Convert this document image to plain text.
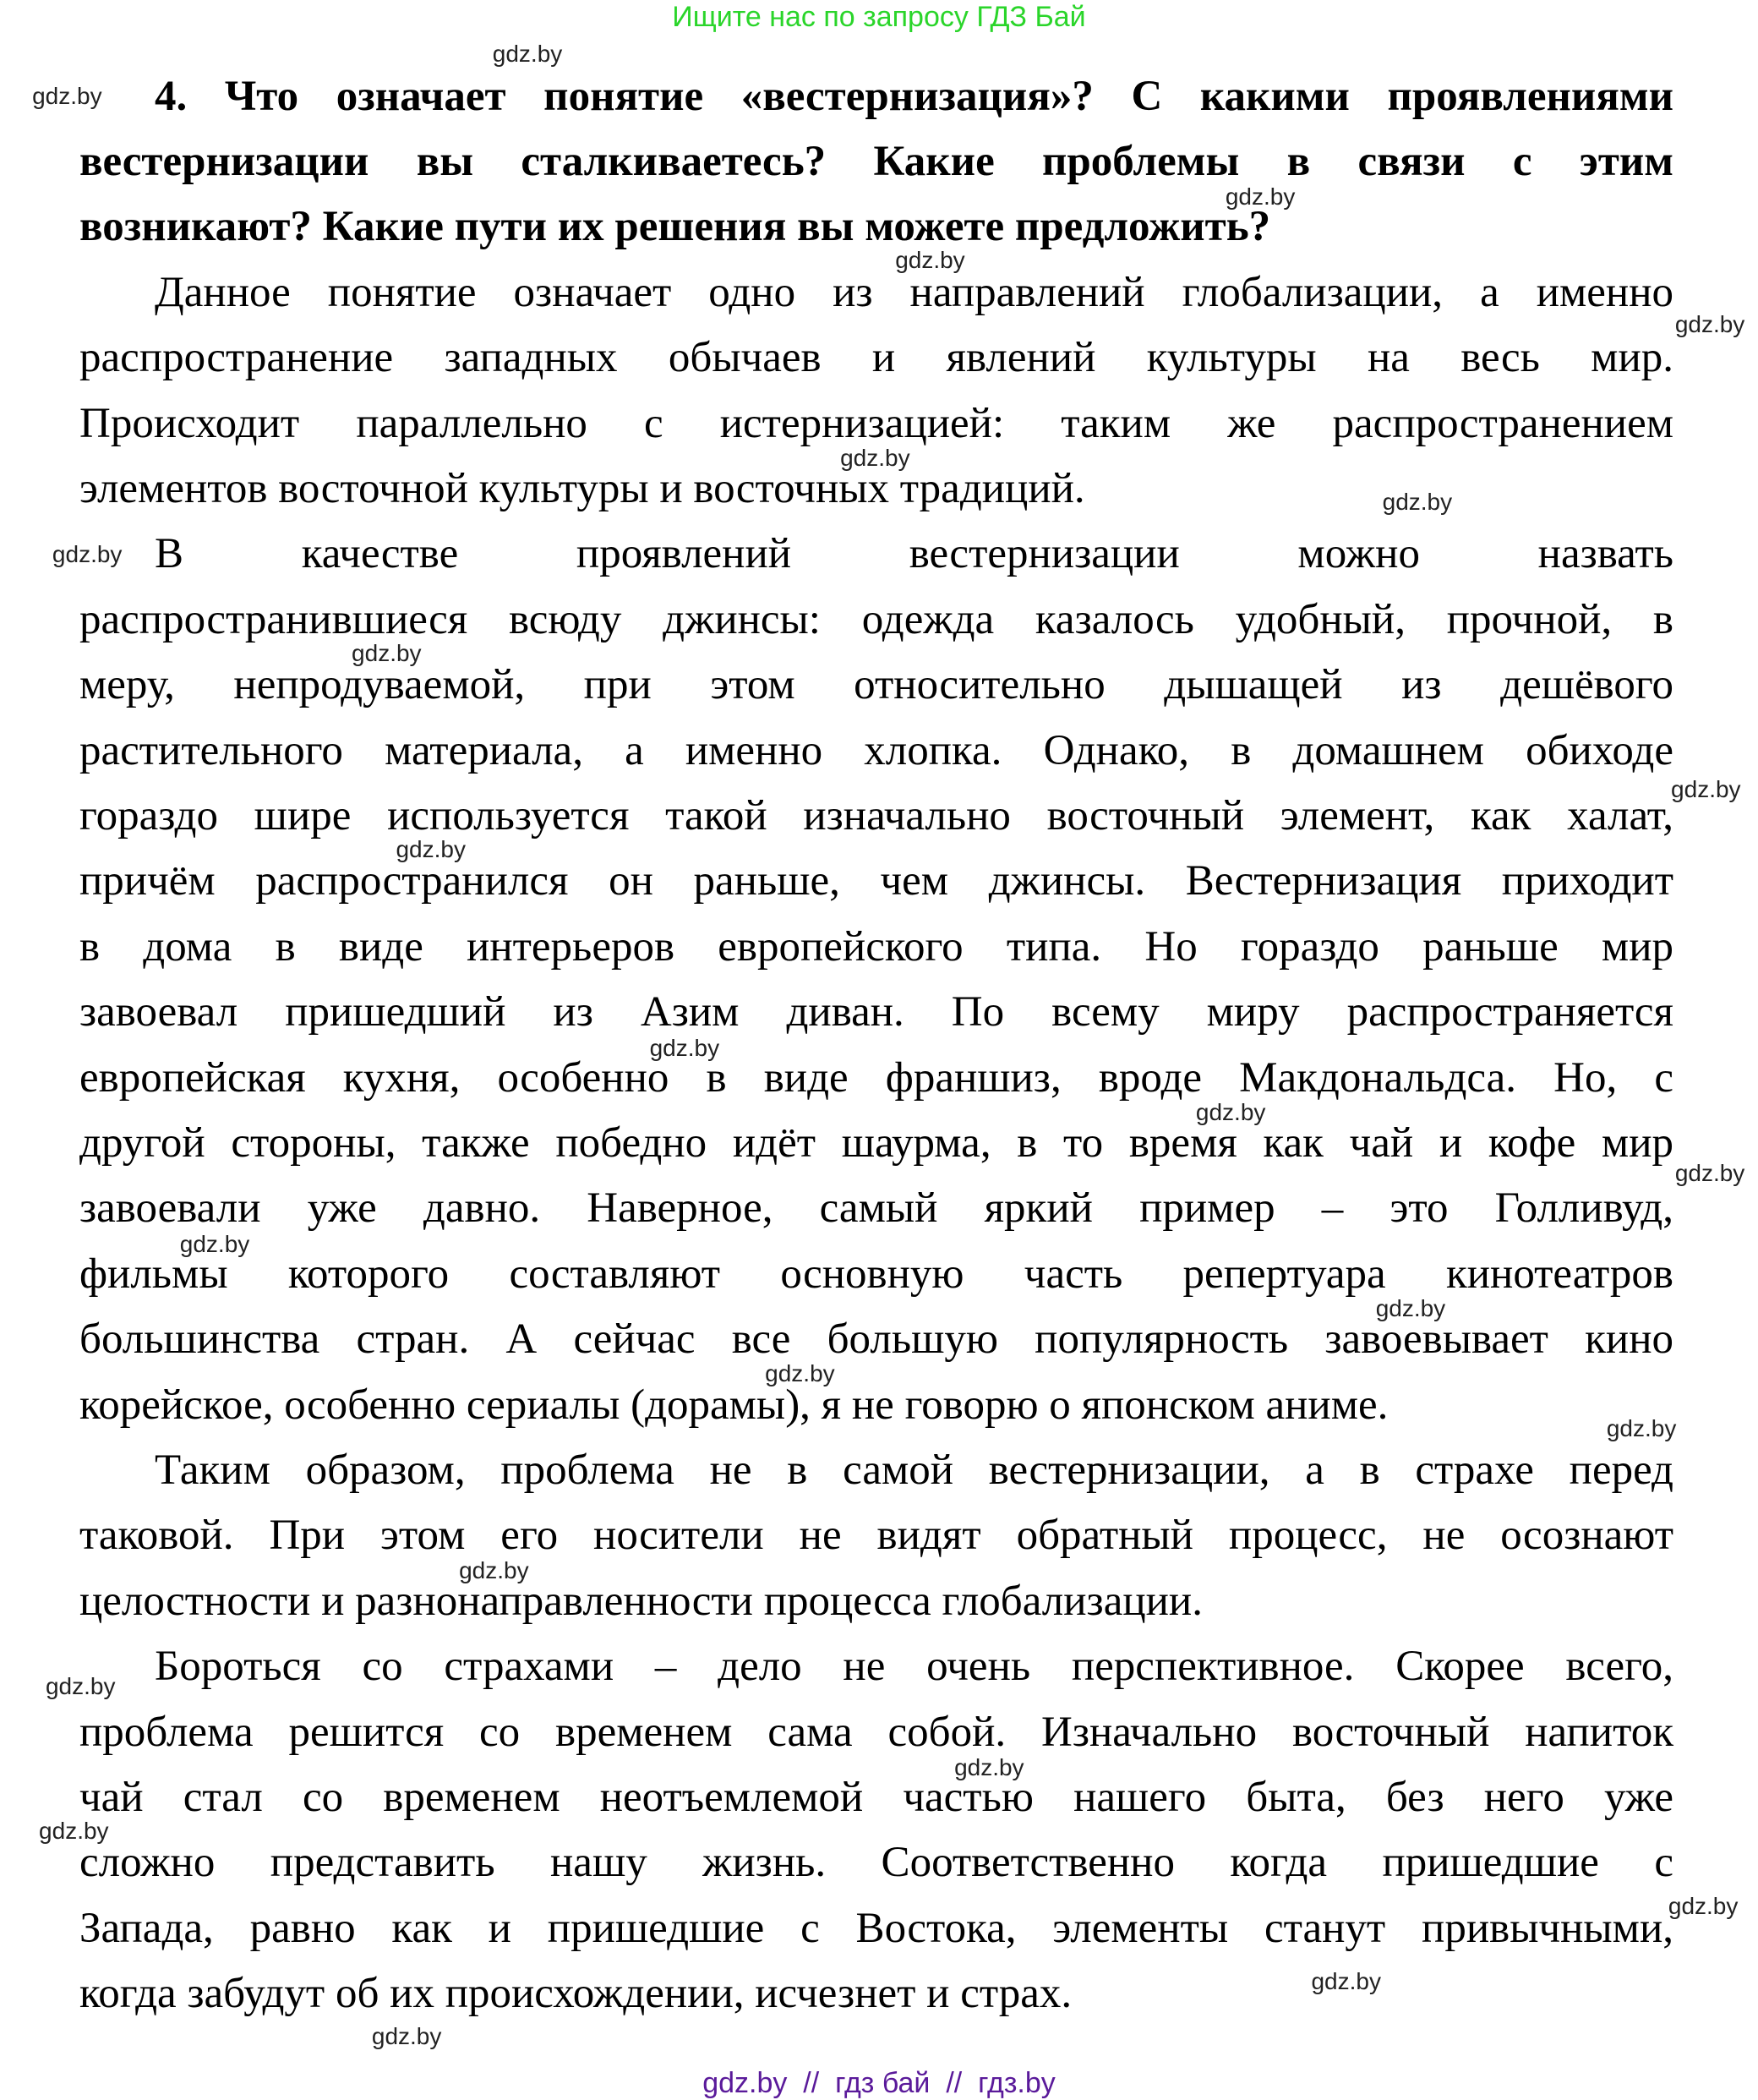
Ищите нас по запросу ГДЗ Бай
4. Что означает понятие «вестернизация»? С какими проявлениями
вестернизации вы сталкиваетесь? Какие проблемы в связи с этим
возникают? Какие пути их решения вы можете предложить?
Данное понятие означает одно из направлений глобализации, а именно
распространение западных обычаев и явлений культуры на весь мир.
Происходит параллельно с истернизацией: таким же распространением
элементов восточной культуры и восточных традиций.
В качестве проявлений вестернизации можно назвать
распространившиеся всюду джинсы: одежда казалось удобный, прочной, в
меру, непродуваемой, при этом относительно дышащей из дешёвого
растительного материала, а именно хлопка. Однако, в домашнем обиходе
гораздо шире используется такой изначально восточный элемент, как халат,
причём распространился он раньше, чем джинсы. Вестернизация приходит
в дома в виде интерьеров европейского типа. Но гораздо раньше мир
завоевал пришедший из Азим диван. По всему миру распространяется
европейская кухня, особенно в виде франшиз, вроде Макдональдса. Но, с
другой стороны, также победно идёт шаурма, в то время как чай и кофе мир
завоевали уже давно. Наверное, самый яркий пример – это Голливуд,
фильмы которого составляют основную часть репертуара кинотеатров
большинства стран. А сейчас все большую популярность завоевывает кино
корейское, особенно сериалы (дорамы), я не говорю о японском аниме.
Таким образом, проблема не в самой вестернизации, а в страхе перед
таковой. При этом его носители не видят обратный процесс, не осознают
целостности и разнонаправленности процесса глобализации.
Бороться со страхами – дело не очень перспективное. Скорее всего,
проблема решится со временем сама собой. Изначально восточный напиток
чай стал со временем неотъемлемой частью нашего быта, без него уже
сложно представить нашу жизнь. Соответственно когда пришедшие с
Запада, равно как и пришедшие с Востока, элементы станут привычными,
когда забудут об их происхождении, исчезнет и страх.
gdz.by
gdz.by
gdz.by
gdz.by
gdz.by
gdz.by
gdz.by
gdz.by
gdz.by
gdz.by
gdz.by
gdz.by
gdz.by
gdz.by
gdz.by
gdz.by
gdz.by
gdz.by
gdz.by
gdz.by
gdz.by
gdz.by
gdz.by
gdz.by
gdz.by
gdz.by  //  гдз бай  //  гдз.by
